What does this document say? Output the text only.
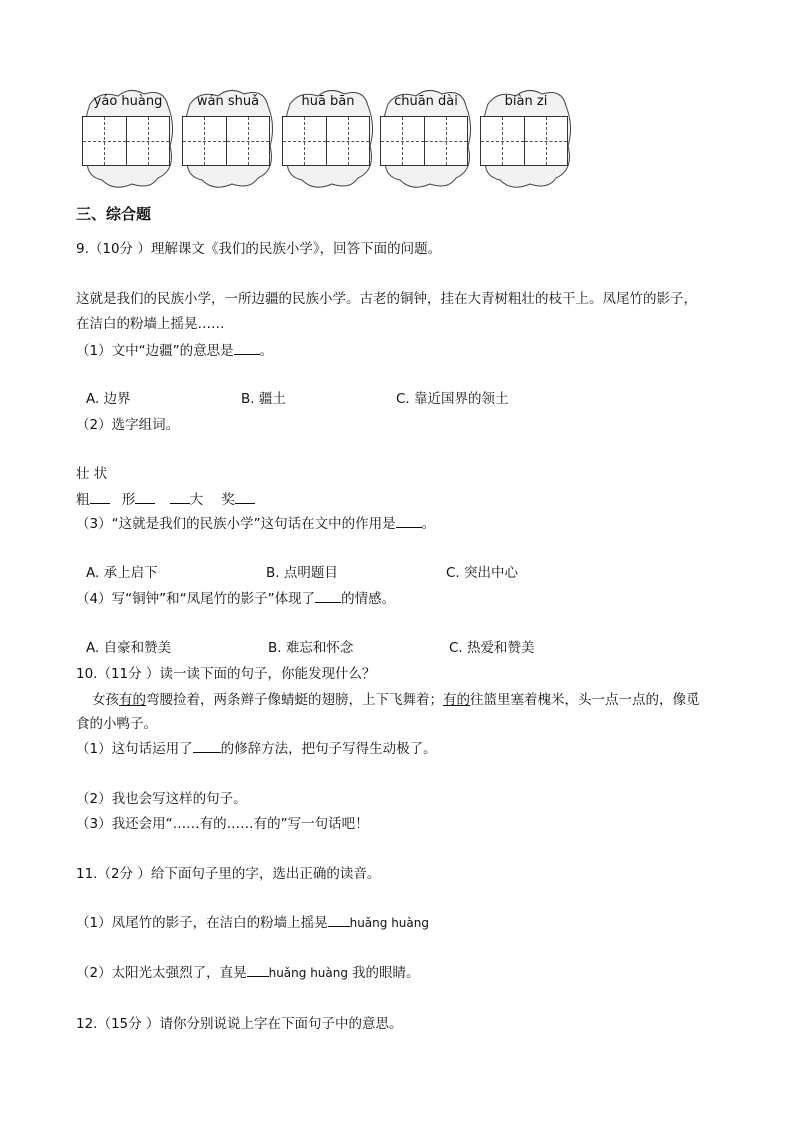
yáo huàng	wán shuǎ	huā bān	chuān dài	biàn zi
三、综合题
9.（10分 ）理解课文《我们的民族小学》，回答下面的问题。
这就是我们的民族小学，一所边疆的民族小学。古老的铜钟，挂在大青树粗壮的枝干上。凤尾竹的影子，
在洁白的粉墙上摇晃……
（1）文中“边疆”的意思是 。
A. 边界	B. 疆土	C. 靠近国界的领土
（2）选字组词。
壮 状
粗 形	大 奖
（3）“这就是我们的民族小学”这句话在文中的作用是 。
A. 承上启下	B. 点明题目	C. 突出中心
（4）写“铜钟”和“凤尾竹的影子”体现了 的情感。
A. 自豪和赞美	B. 难忘和怀念	C. 热爱和赞美
10.（11分 ）读一读下面的句子，你能发现什么？
女孩有的弯腰捡着，两条辫子像蜻蜓的翅膀，上下飞舞着；有的往篮里塞着槐米，头一点一点的，像觅
食的小鸭子。
（1）这句话运用了 的修辞方法，把句子写得生动极了。
（2）我也会写这样的句子。
（3）我还会用“……有的……有的”写一句话吧！
11.（2分 ）给下面句子里的字，选出正确的读音。
（1）凤尾竹的影子，在洁白的粉墙上摇晃 huǎng huàng
（2）太阳光太强烈了，直晃 huǎng huàng 我的眼睛。
12.（15分 ）请你分别说说上字在下面句子中的意思。
